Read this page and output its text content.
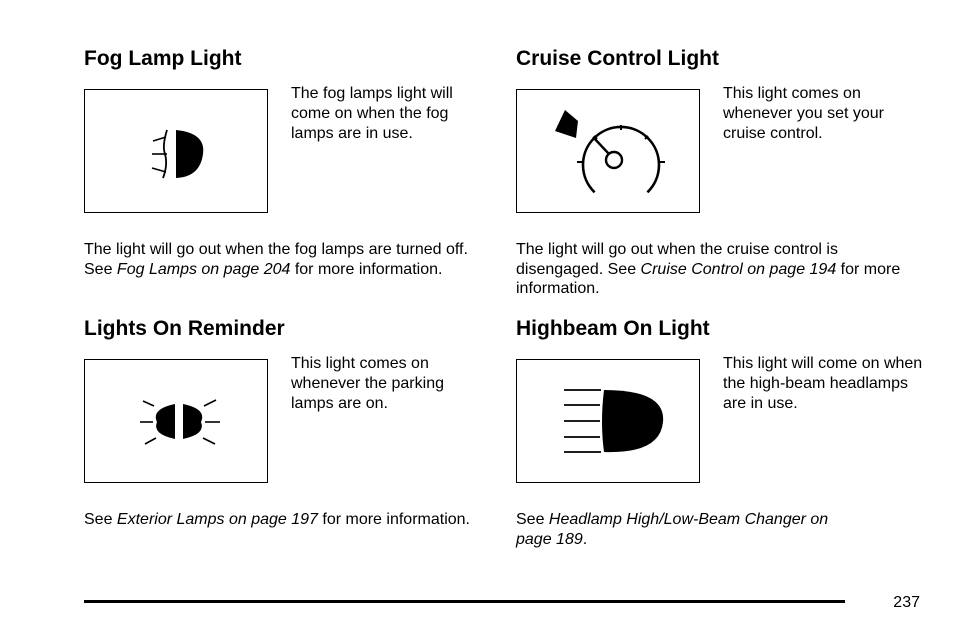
Fog Lamp Light

The fog lamps light will come on when the fog lamps are in use.

The light will go out when the fog lamps are turned off. See Fog Lamps on page 204 for more information.

Cruise Control Light

This light comes on whenever you set your cruise control.

The light will go out when the cruise control is disengaged. See Cruise Control on page 194 for more information.

Lights On Reminder

This light comes on whenever the parking lamps are on.

See Exterior Lamps on page 197 for more information.

Highbeam On Light

This light will come on when the high-beam headlamps are in use.

See Headlamp High/Low-Beam Changer on page 189.

237
